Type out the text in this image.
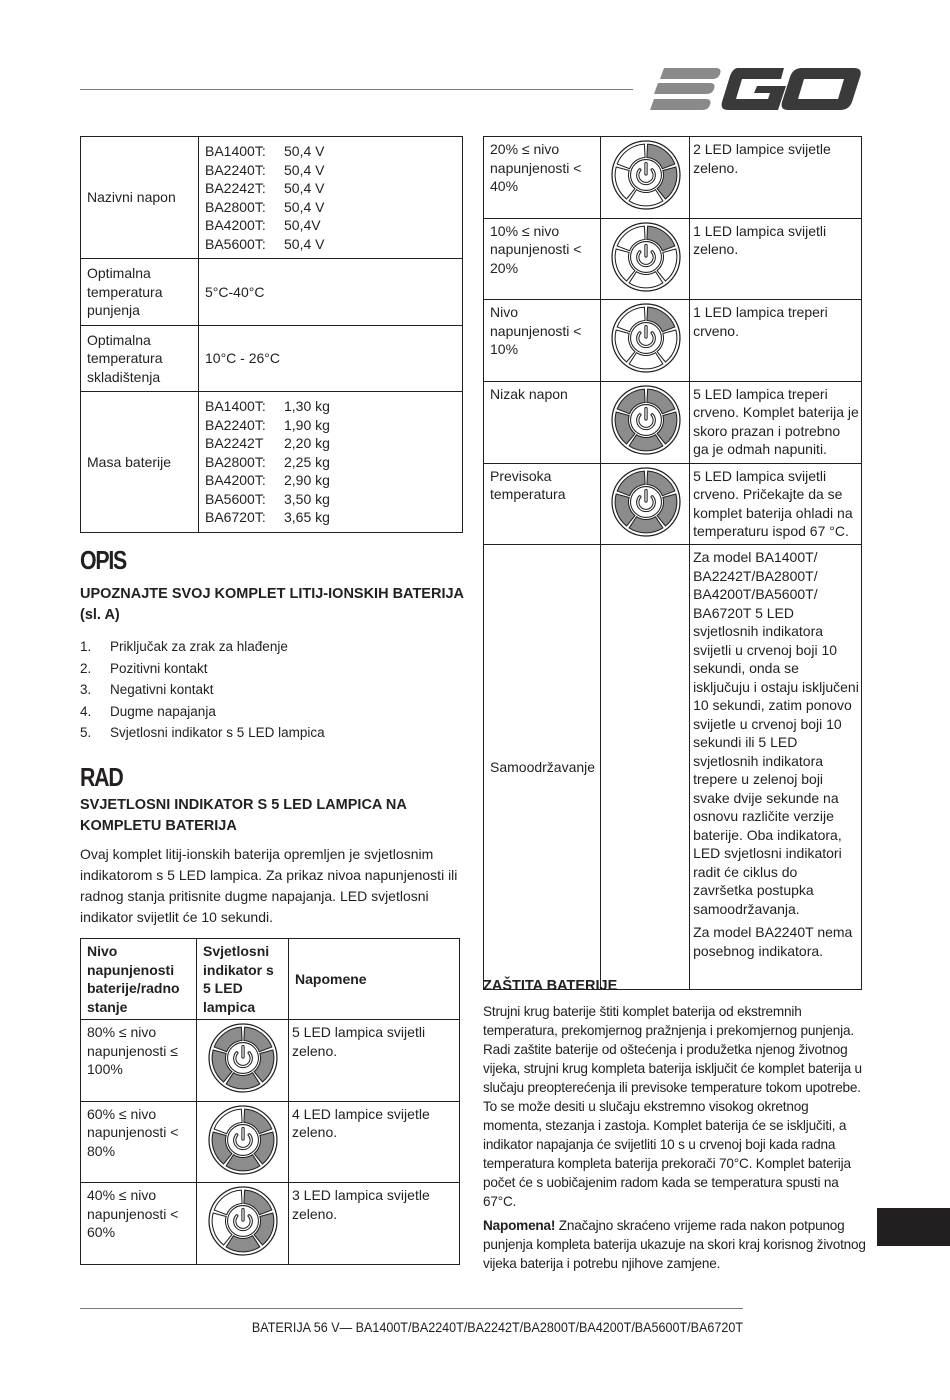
Nazivni napon	
BA1400T:	50,4 V
BA2240T:	50,4 V
BA2242T:	50,4 V
BA2800T:	50,4 V
BA4200T:	50,4V
BA5600T:	50,4 V

Optimalna temperatura punjenja	5°C-40°C
Optimalna temperatura skladištenja	10°C - 26°C
Masa baterije	
BA1400T:	1,30 kg
BA2240T:	1,90 kg
BA2242T	2,20 kg
BA2800T:	2,25 kg
BA4200T:	2,90 kg
BA5600T:	3,50 kg
BA6720T:	3,65 kg
OPIS
UPOZNAJTE SVOJ KOMPLET LITIJ-IONSKIH BATERIJA (sl. A)
1.	Priključak za zrak za hlađenje
2.	Pozitivni kontakt
3.	Negativni kontakt
4.	Dugme napajanja
5.	Svjetlosni indikator s 5 LED lampica
RAD
SVJETLOSNI INDIKATOR S 5 LED LAMPICA NA KOMPLETU BATERIJA

Ovaj komplet litij-ionskih baterija opremljen je svjetlosnim indikatorom s 5 LED lampica. Za prikaz nivoa napunjenosti ili radnog stanja pritisnite dugme napajanja. LED svjetlosni indikator svijetlit će 10 sekundi.

Nivo napunjenosti baterije/radno stanje	Svjetlosni indikator s 5 LED lampica	Napomene
80% ≤ nivo napunjenosti ≤ 100%		5 LED lampica svijetli zeleno.

60% ≤ nivo napunjenosti < 80%		4 LED lampice svijetle zeleno.

40% ≤ nivo napunjenosti < 60%		3 LED lampica svijetle zeleno.
20% ≤ nivo napunjenosti < 40%		2 LED lampice svijetle zeleno.

10% ≤ nivo napunjenosti < 20%		1 LED lampica svijetli zeleno.

Nivo napunjenosti < 10%		1 LED lampica treperi crveno.

Nizak napon		5 LED lampica treperi crveno. Komplet baterija je skoro prazan i potrebno ga je odmah napuniti.

Previsoka temperatura		5 LED lampica svijetli crveno. Pričekajte da se komplet baterija ohladi na temperaturu ispod 67 °C.

Samoodržavanje		Za model BA1400T/ BA2242T/BA2800T/ BA4200T/BA5600T/ BA6720T 5 LED svjetlosnih indikatora svijetli u crvenoj boji 10 sekundi, onda se isključuju i ostaju isključeni 10 sekundi, zatim ponovo svijetle u crvenoj boji 10 sekundi ili 5 LED svjetlosnih indikatora trepere u zelenoj boji svake dvije sekunde na osnovu različite verzije baterije. Oba indikatora, LED svjetlosni indikatori radit će ciklus do završetka postupka samoodržavanja.
Za model BA2240T nema posebnog indikatora.
ZAŠTITA BATERIJE

Strujni krug baterije štiti komplet baterija od ekstremnih temperatura, prekomjernog pražnjenja i prekomjernog punjenja. Radi zaštite baterije od oštećenja i produžetka njenog životnog vijeka, strujni krug kompleta baterija isključit će komplet baterija u slučaju preopterećenja ili previsoke temperature tokom upotrebe. To se može desiti u slučaju ekstremno visokog okretnog momenta, stezanja i zastoja. Komplet baterija će se isključiti, a indikator napajanja će svijetliti 10 s u crvenoj boji kada radna temperatura kompleta baterija prekorači 70°C. Komplet baterija počet će s uobičajenim radom kada se temperatura spusti na 67°C.

Napomena! Značajno skraćeno vrijeme rada nakon potpunog punjenja kompleta baterija ukazuje na skori kraj korisnog životnog vijeka baterija i potrebu njihove zamjene.

BATERIJA 56 V— BA1400T/BA2240T/BA2242T/BA2800T/BA4200T/BA5600T/BA6720T
